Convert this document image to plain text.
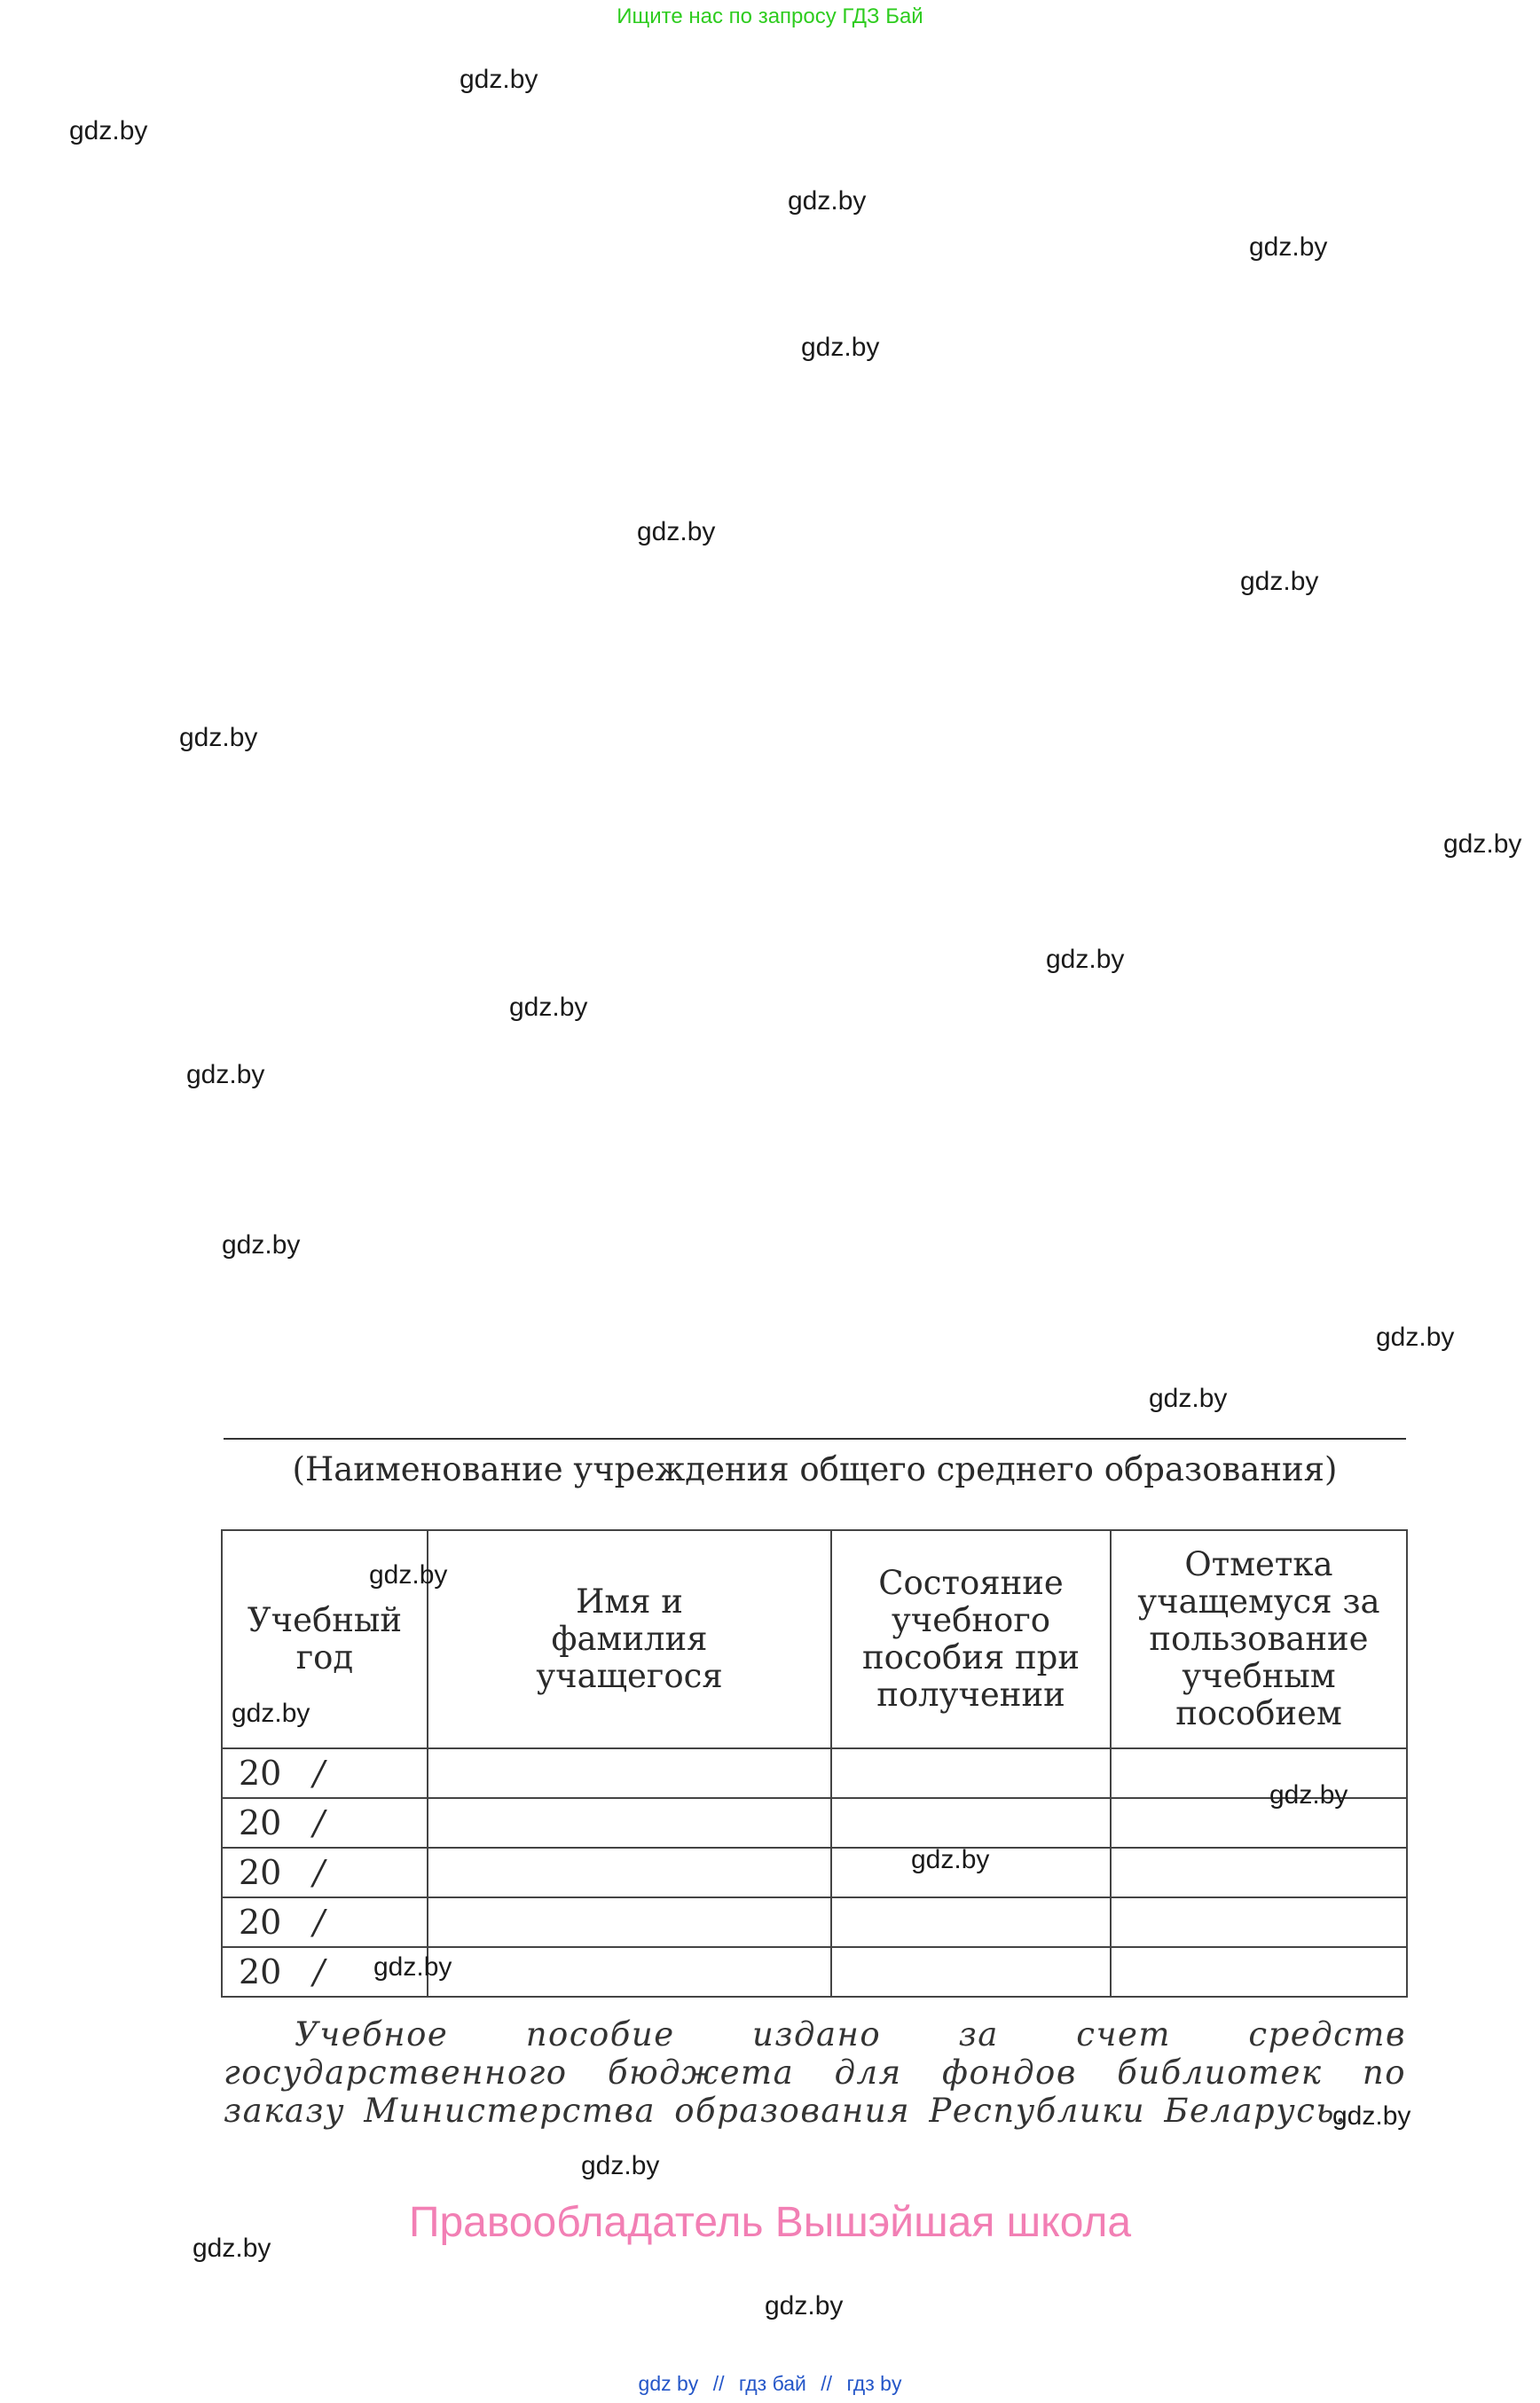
Ищите нас по запросу ГДЗ Бай
gdz.by
gdz.by
gdz.by
gdz.by
gdz.by
gdz.by
gdz.by
gdz.by
gdz.by
gdz.by
gdz.by
gdz.by
gdz.by
gdz.by
gdz.by
(Наименование учреждения общего среднего образования)
Учебный год	Имя и фамилия учащегося	Состояние учебного пособия при получении	Отметка учащемуся за пользование учебным пособием
20 /			
20 /			
20 /			
20 /			
20 /			
gdz.by
gdz.by
gdz.by
gdz.by
gdz.by
Учебное пособие издано за счет средств государственного бюджета для фондов библиотек по заказу Министерства образования Республики Беларусь.
gdz.by
gdz.by
gdz.by
gdz.by
Правообладатель Вышэйшая школа
gdz by // гдз бай // гдз by
